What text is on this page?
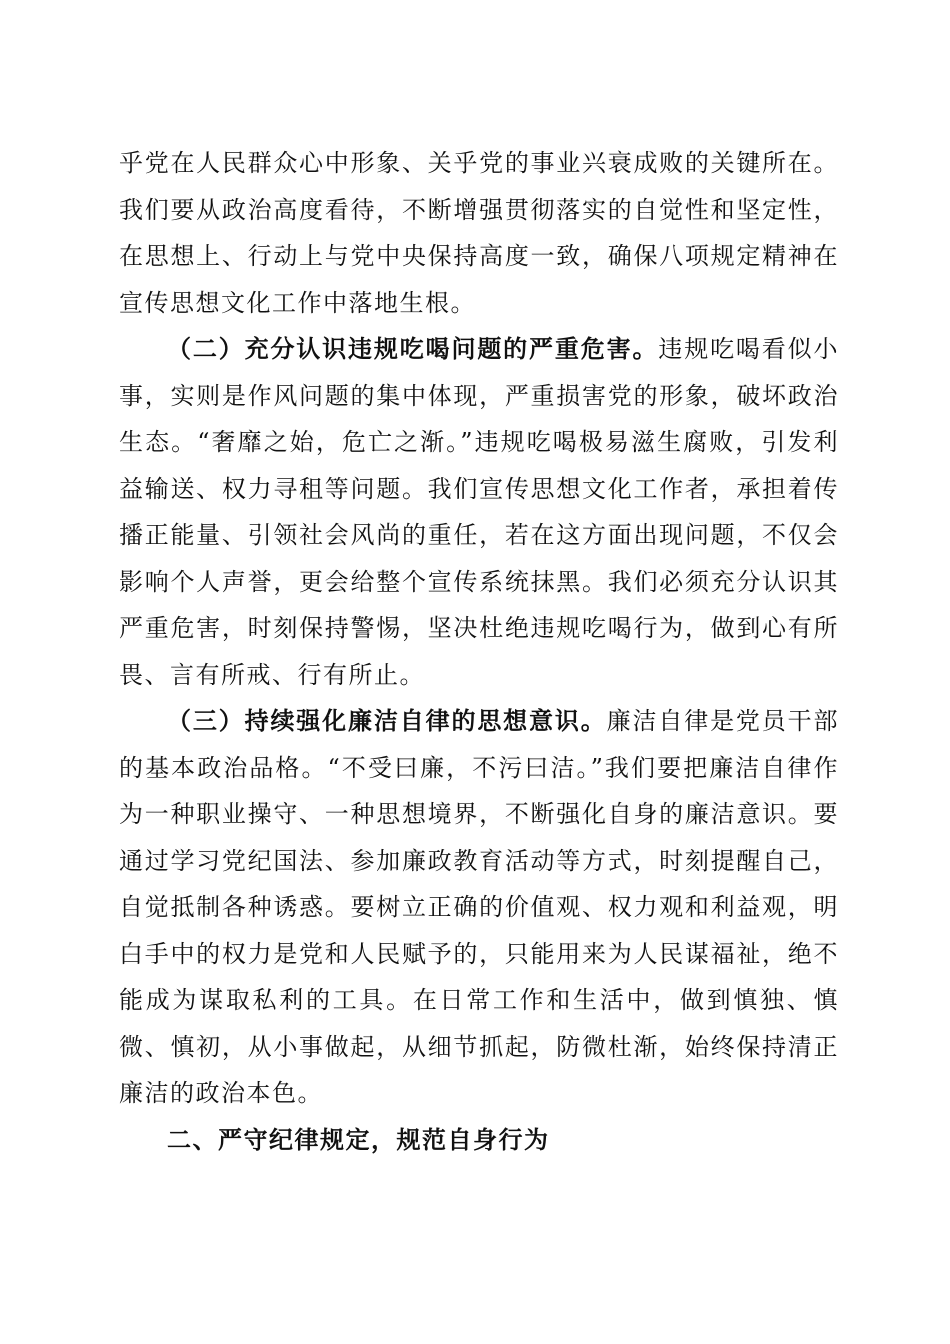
乎党在人民群众心中形象、关乎党的事业兴衰成败的关键所在。我们要从政治高度看待，不断增强贯彻落实的自觉性和坚定性，在思想上、行动上与党中央保持高度一致，确保八项规定精神在宣传思想文化工作中落地生根。

（二）充分认识违规吃喝问题的严重危害。违规吃喝看似小事，实则是作风问题的集中体现，严重损害党的形象，破坏政治生态。“奢靡之始，危亡之渐。”违规吃喝极易滋生腐败，引发利益输送、权力寻租等问题。我们宣传思想文化工作者，承担着传播正能量、引领社会风尚的重任，若在这方面出现问题，不仅会影响个人声誉，更会给整个宣传系统抹黑。我们必须充分认识其严重危害，时刻保持警惕，坚决杜绝违规吃喝行为，做到心有所畏、言有所戒、行有所止。

（三）持续强化廉洁自律的思想意识。廉洁自律是党员干部的基本政治品格。“不受曰廉，不污曰洁。”我们要把廉洁自律作为一种职业操守、一种思想境界，不断强化自身的廉洁意识。要通过学习党纪国法、参加廉政教育活动等方式，时刻提醒自己，自觉抵制各种诱惑。要树立正确的价值观、权力观和利益观，明白手中的权力是党和人民赋予的，只能用来为人民谋福祉，绝不能成为谋取私利的工具。在日常工作和生活中，做到慎独、慎微、慎初，从小事做起，从细节抓起，防微杜渐，始终保持清正廉洁的政治本色。

二、严守纪律规定，规范自身行为
